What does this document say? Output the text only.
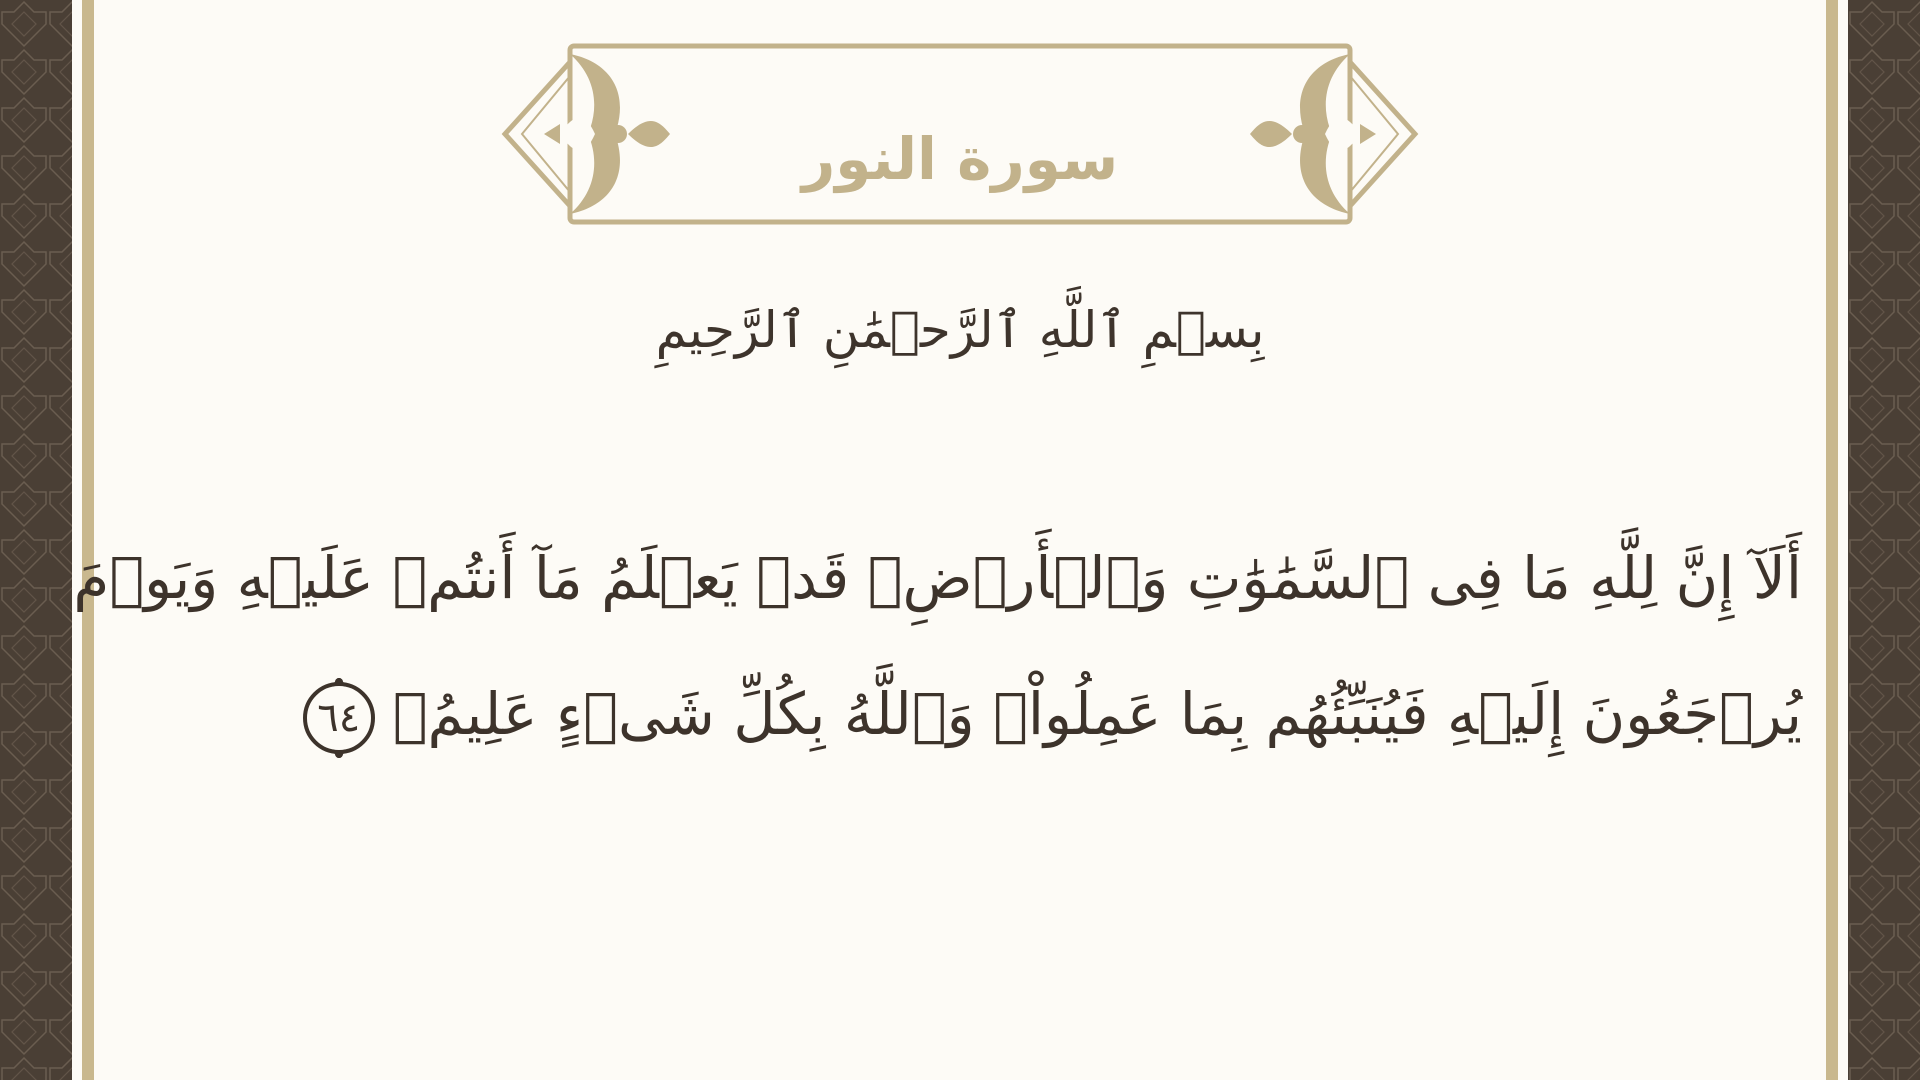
سورة النور
بِسۡمِ ٱللَّهِ ٱلرَّحۡمَٰنِ ٱلرَّحِيمِ
أَلَآ إِنَّ لِلَّهِ مَا فِى ٱلسَّمَٰوَٰتِ وَٱلۡأَرۡضِۖ قَدۡ يَعۡلَمُ مَآ أَنتُمۡ عَلَيۡهِ وَيَوۡمَ
يُرۡجَعُونَ إِلَيۡهِ فَيُنَبِّئُهُم بِمَا عَمِلُواْۗ وَٱللَّهُ بِكُلِّ شَىۡءٍ عَلِيمُۢ
٦٤
